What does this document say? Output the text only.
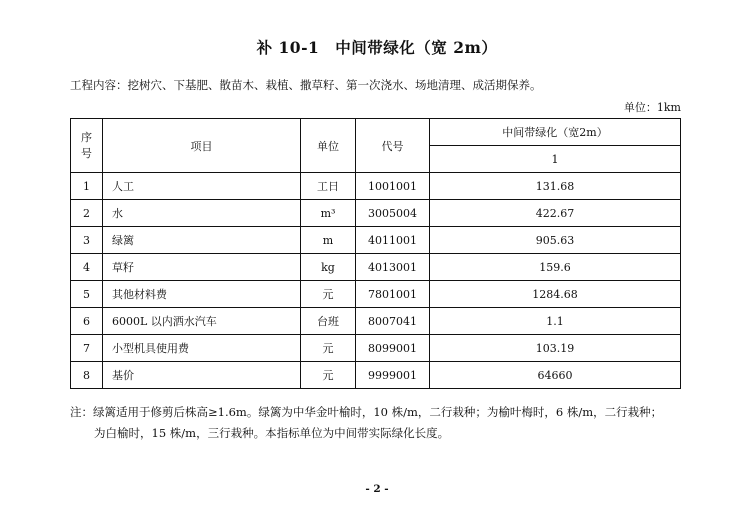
补 10-1　中间带绿化（宽 2m）
工程内容：挖树穴、下基肥、散苗木、栽植、撒草籽、第一次浇水、场地清理、成活期保养。
单位：1km
序
号	项目	单位	代号	中间带绿化（宽2m）
				1
1	人工	工日	1001001	131.68
2	水	m³	3005004	422.67
3	绿篱	m	4011001	905.63
4	草籽	kg	4013001	159.6
5	其他材料费	元	7801001	1284.68
6	6000L 以内洒水汽车	台班	8007041	1.1
7	小型机具使用费	元	8099001	103.19
8	基价	元	9999001	64660
注：绿篱适用于修剪后株高≥1.6m。绿篱为中华金叶榆时，10 株/m，二行栽种；为榆叶梅时，6 株/m，二行栽种；
为白榆时，15 株/m，三行栽种。本指标单位为中间带实际绿化长度。
- 2 -
